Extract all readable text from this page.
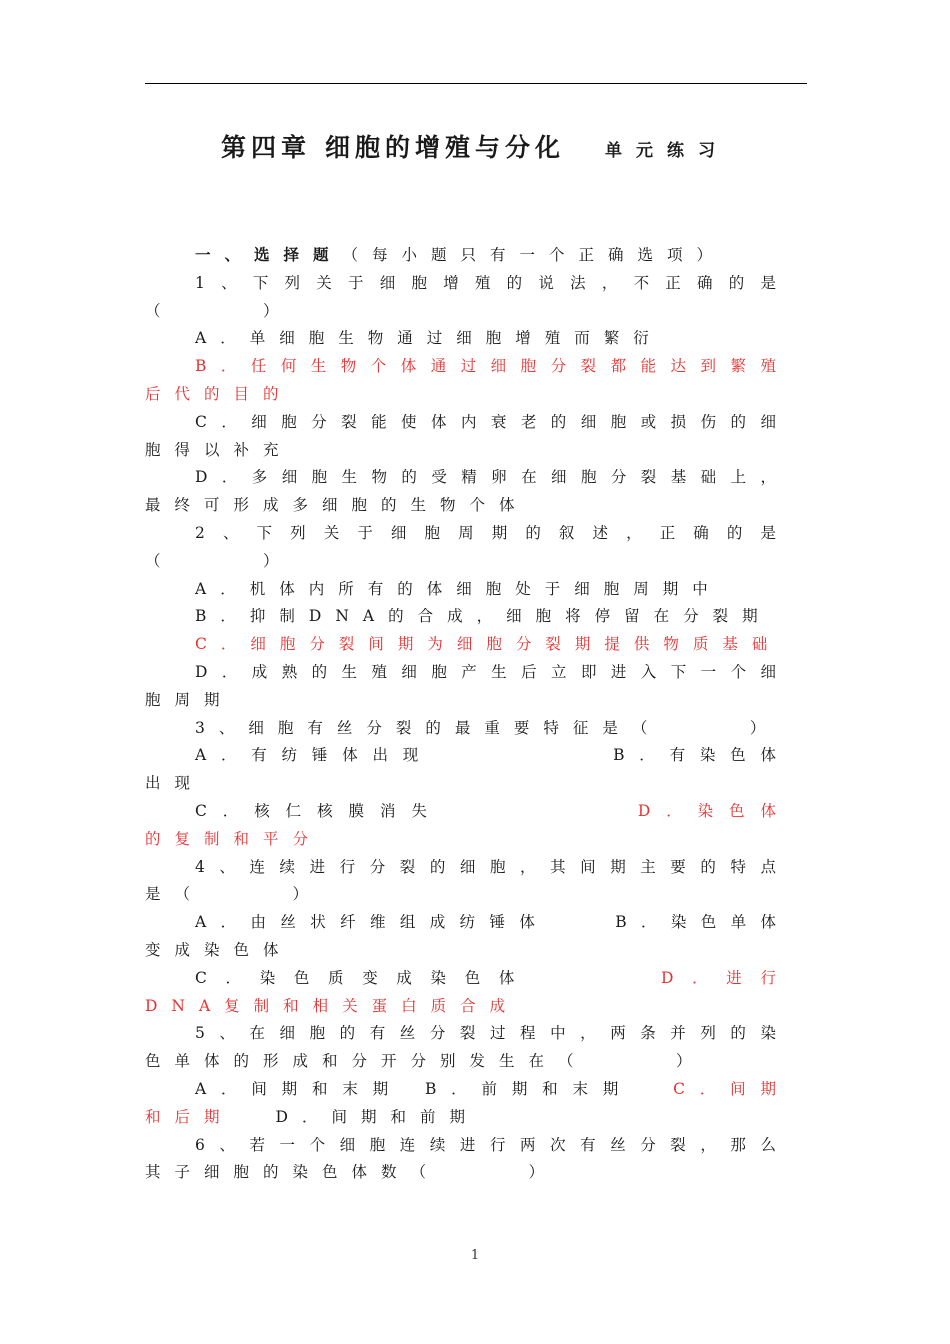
第四章 细胞的增殖与分化 单元练习

一、选择题（每小题只有一个正确选项）

1、下列关于细胞增殖的说法，不正确的是（　　　）

A．单细胞生物通过细胞增殖而繁衍

B．任何生物个体通过细胞分裂都能达到繁殖后代的目的

C．细胞分裂能使体内衰老的细胞或损伤的细胞得以补充

D．多细胞生物的受精卵在细胞分裂基础上，最终可形成多细胞的生物个体

2、下列关于细胞周期的叙述，正确的是（　　　）

A．机体内所有的体细胞处于细胞周期中

B．抑制DNA的合成，细胞将停留在分裂期

C．细胞分裂间期为细胞分裂期提供物质基础

D．成熟的生殖细胞产生后立即进入下一个细胞周期

3、细胞有丝分裂的最重要特征是（　　　）

A．有纺锤体出现	B．有染色体出现

C．核仁核膜消失	D．染色体的复制和平分

4、连续进行分裂的细胞，其间期主要的特点是（　　　）

A．由丝状纤维组成纺锤体	B．染色单体变成染色体

C．染色质变成染色体	D．进行DNA复制和相关蛋白质合成

5、在细胞的有丝分裂过程中，两条并列的染色单体的形成和分开分别发生在（　　　）

A．间期和末期 B．前期和末期	C．间期和后期	D．间期和前期

6、若一个细胞连续进行两次有丝分裂，那么其子细胞的染色体数（　　　）

1
